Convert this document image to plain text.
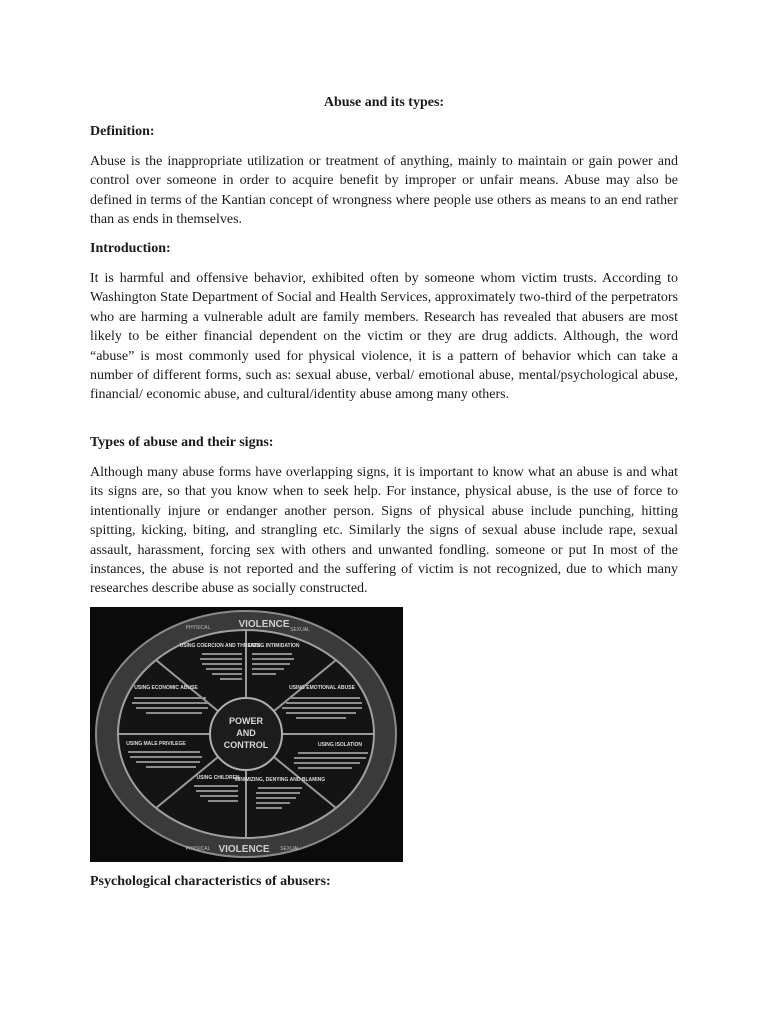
Abuse and its types:
Definition:

Abuse is the inappropriate utilization or treatment of anything, mainly to maintain or gain power and control over someone in order to acquire benefit by improper or unfair means. Abuse may also be defined in terms of the Kantian concept of wrongness where people use others as means to an end rather than as ends in themselves.

Introduction:

It is harmful and offensive behavior, exhibited often by someone whom victim trusts. According to Washington State Department of Social and Health Services, approximately two-third of the perpetrators who are harming a vulnerable adult are family members. Research has revealed that abusers are most likely to be either financial dependent on the victim or they are drug addicts. Although, the word “abuse” is most commonly used for physical violence, it is a pattern of behavior which can take a number of different forms, such as: sexual abuse, verbal/ emotional abuse, mental/psychological abuse, financial/ economic abuse, and cultural/identity abuse among many others.

Types of abuse and their signs:

Although many abuse forms have overlapping signs, it is important to know what an abuse is and what its signs are, so that you know when to seek help. For instance, physical abuse, is the use of force to intentionally injure or endanger another person. Signs of physical abuse include punching, hitting spitting, kicking, biting, and strangling etc. Similarly the signs of sexual abuse include rape, sexual assault, harassment, forcing sex with others and unwanted fondling. someone or put In most of the instances, the abuse is not reported and the suffering of victim is not recognized, due to which many researches describe abuse as socially constructed.

POWER
AND
CONTROL
VIOLENCE
PHYSICAL	SEXUAL
VIOLENCE
PHYSICAL	SEXUAL
USING COERCION AND THREATS
USING INTIMIDATION
USING EMOTIONAL ABUSE
USING ISOLATION
MINIMIZING, DENYING AND BLAMING
USING CHILDREN
USING MALE PRIVILEGE
USING ECONOMIC ABUSE
Psychological characteristics of abusers:
